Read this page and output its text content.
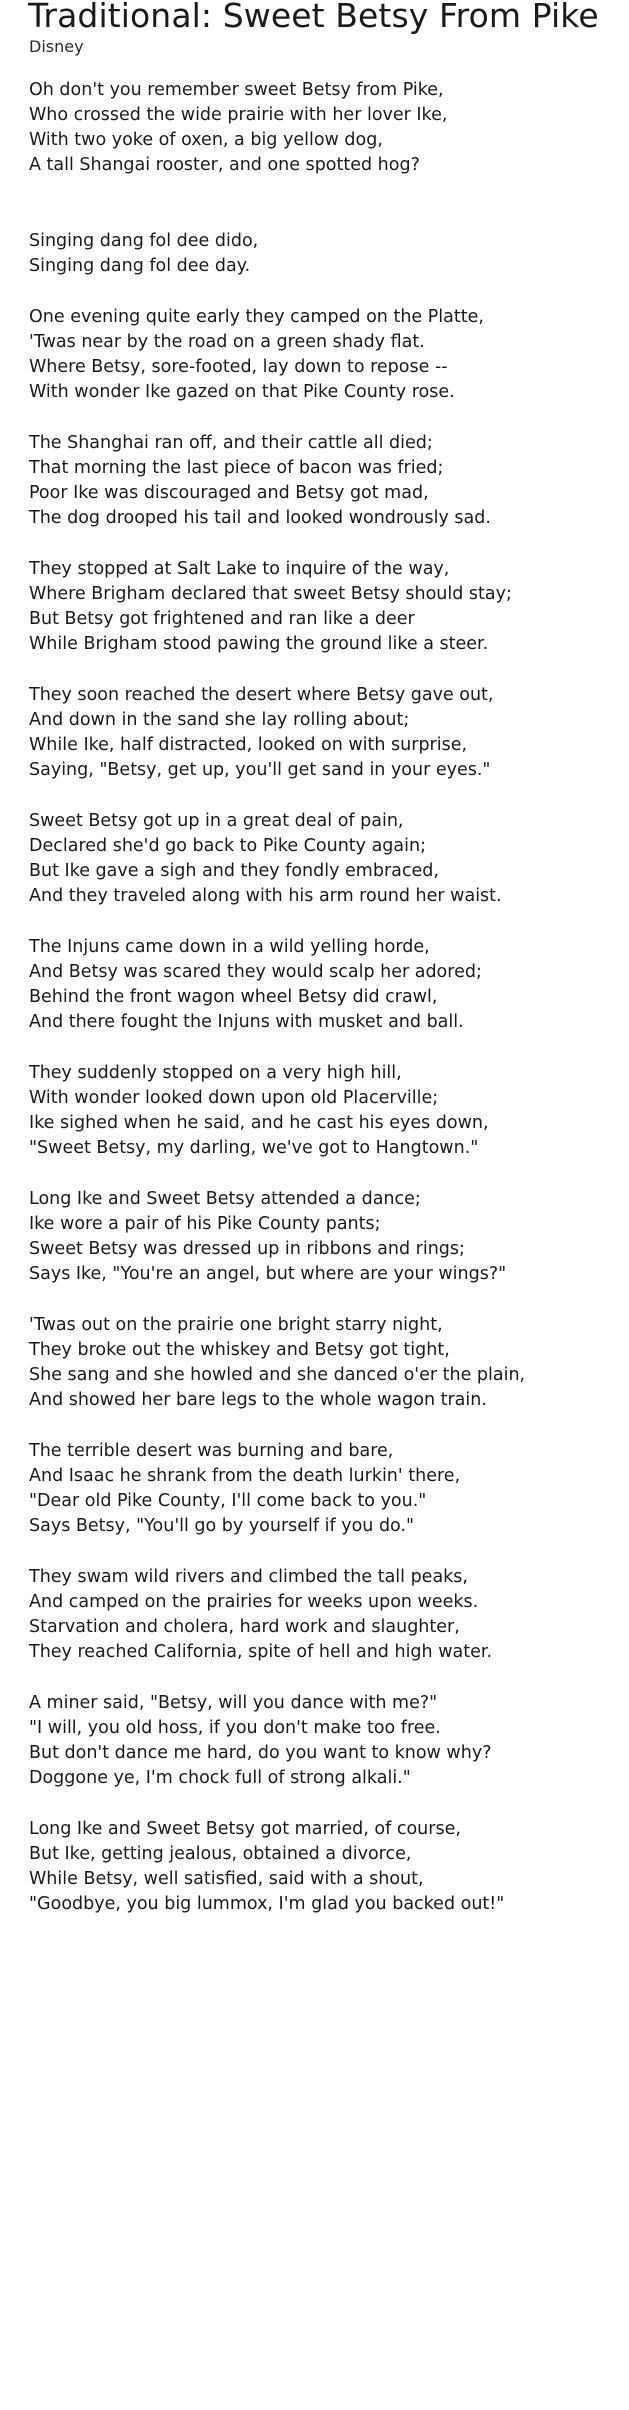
Traditional: Sweet Betsy From Pike
Disney
Oh don't you remember sweet Betsy from Pike,
Who crossed the wide prairie with her lover Ike,
With two yoke of oxen, a big yellow dog,
A tall Shangai rooster, and one spotted hog?
Singing dang fol dee dido,
Singing dang fol dee day.
One evening quite early they camped on the Platte,
'Twas near by the road on a green shady flat.
Where Betsy, sore-footed, lay down to repose --
With wonder Ike gazed on that Pike County rose.
The Shanghai ran off, and their cattle all died;
That morning the last piece of bacon was fried;
Poor Ike was discouraged and Betsy got mad,
The dog drooped his tail and looked wondrously sad.
They stopped at Salt Lake to inquire of the way,
Where Brigham declared that sweet Betsy should stay;
But Betsy got frightened and ran like a deer
While Brigham stood pawing the ground like a steer.
They soon reached the desert where Betsy gave out,
And down in the sand she lay rolling about;
While Ike, half distracted, looked on with surprise,
Saying, "Betsy, get up, you'll get sand in your eyes."
Sweet Betsy got up in a great deal of pain,
Declared she'd go back to Pike County again;
But Ike gave a sigh and they fondly embraced,
And they traveled along with his arm round her waist.
The Injuns came down in a wild yelling horde,
And Betsy was scared they would scalp her adored;
Behind the front wagon wheel Betsy did crawl,
And there fought the Injuns with musket and ball.
They suddenly stopped on a very high hill,
With wonder looked down upon old Placerville;
Ike sighed when he said, and he cast his eyes down,
"Sweet Betsy, my darling, we've got to Hangtown."
Long Ike and Sweet Betsy attended a dance;
Ike wore a pair of his Pike County pants;
Sweet Betsy was dressed up in ribbons and rings;
Says Ike, "You're an angel, but where are your wings?"
'Twas out on the prairie one bright starry night,
They broke out the whiskey and Betsy got tight,
She sang and she howled and she danced o'er the plain,
And showed her bare legs to the whole wagon train.
The terrible desert was burning and bare,
And Isaac he shrank from the death lurkin' there,
"Dear old Pike County, I'll come back to you."
Says Betsy, "You'll go by yourself if you do."
They swam wild rivers and climbed the tall peaks,
And camped on the prairies for weeks upon weeks.
Starvation and cholera, hard work and slaughter,
They reached California, spite of hell and high water.
A miner said, "Betsy, will you dance with me?"
"I will, you old hoss, if you don't make too free.
But don't dance me hard, do you want to know why?
Doggone ye, I'm chock full of strong alkali."
Long Ike and Sweet Betsy got married, of course,
But Ike, getting jealous, obtained a divorce,
While Betsy, well satisfied, said with a shout,
"Goodbye, you big lummox, I'm glad you backed out!"
